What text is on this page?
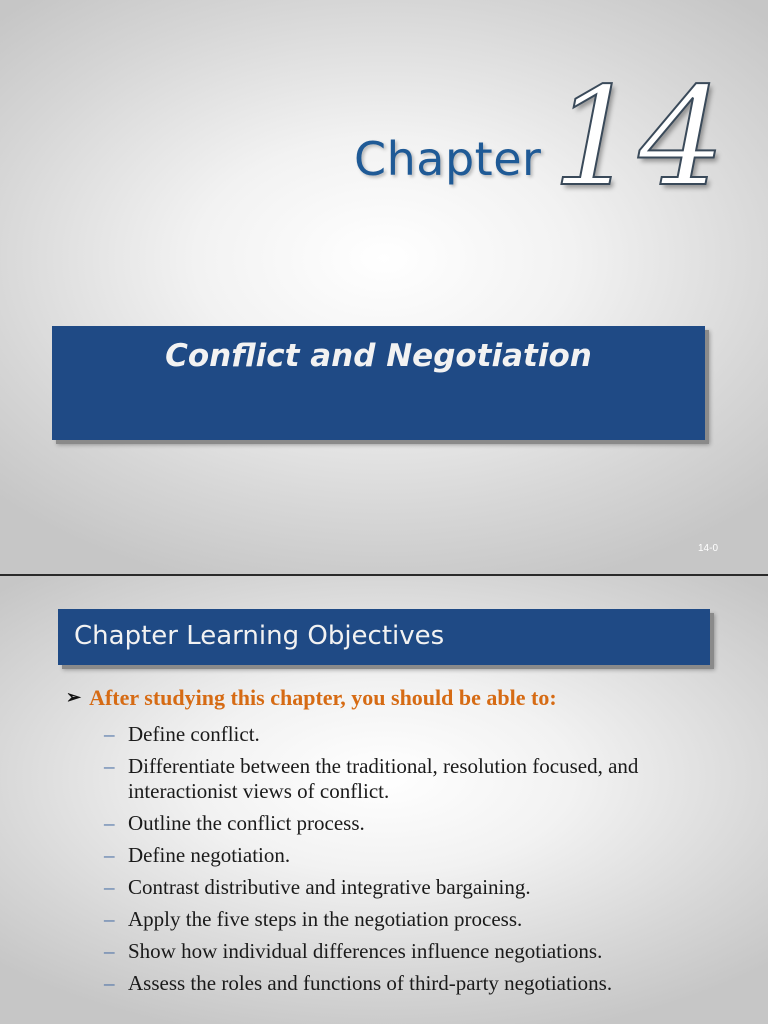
Chapter 14
Conflict and Negotiation
14-0
Chapter Learning Objectives
➢ After studying this chapter, you should be able to:
– Define conflict.
– Differentiate between the traditional, resolution focused, and interactionist views of conflict.
– Outline the conflict process.
– Define negotiation.
– Contrast distributive and integrative bargaining.
– Apply the five steps in the negotiation process.
– Show how individual differences influence negotiations.
– Assess the roles and functions of third-party negotiations.
